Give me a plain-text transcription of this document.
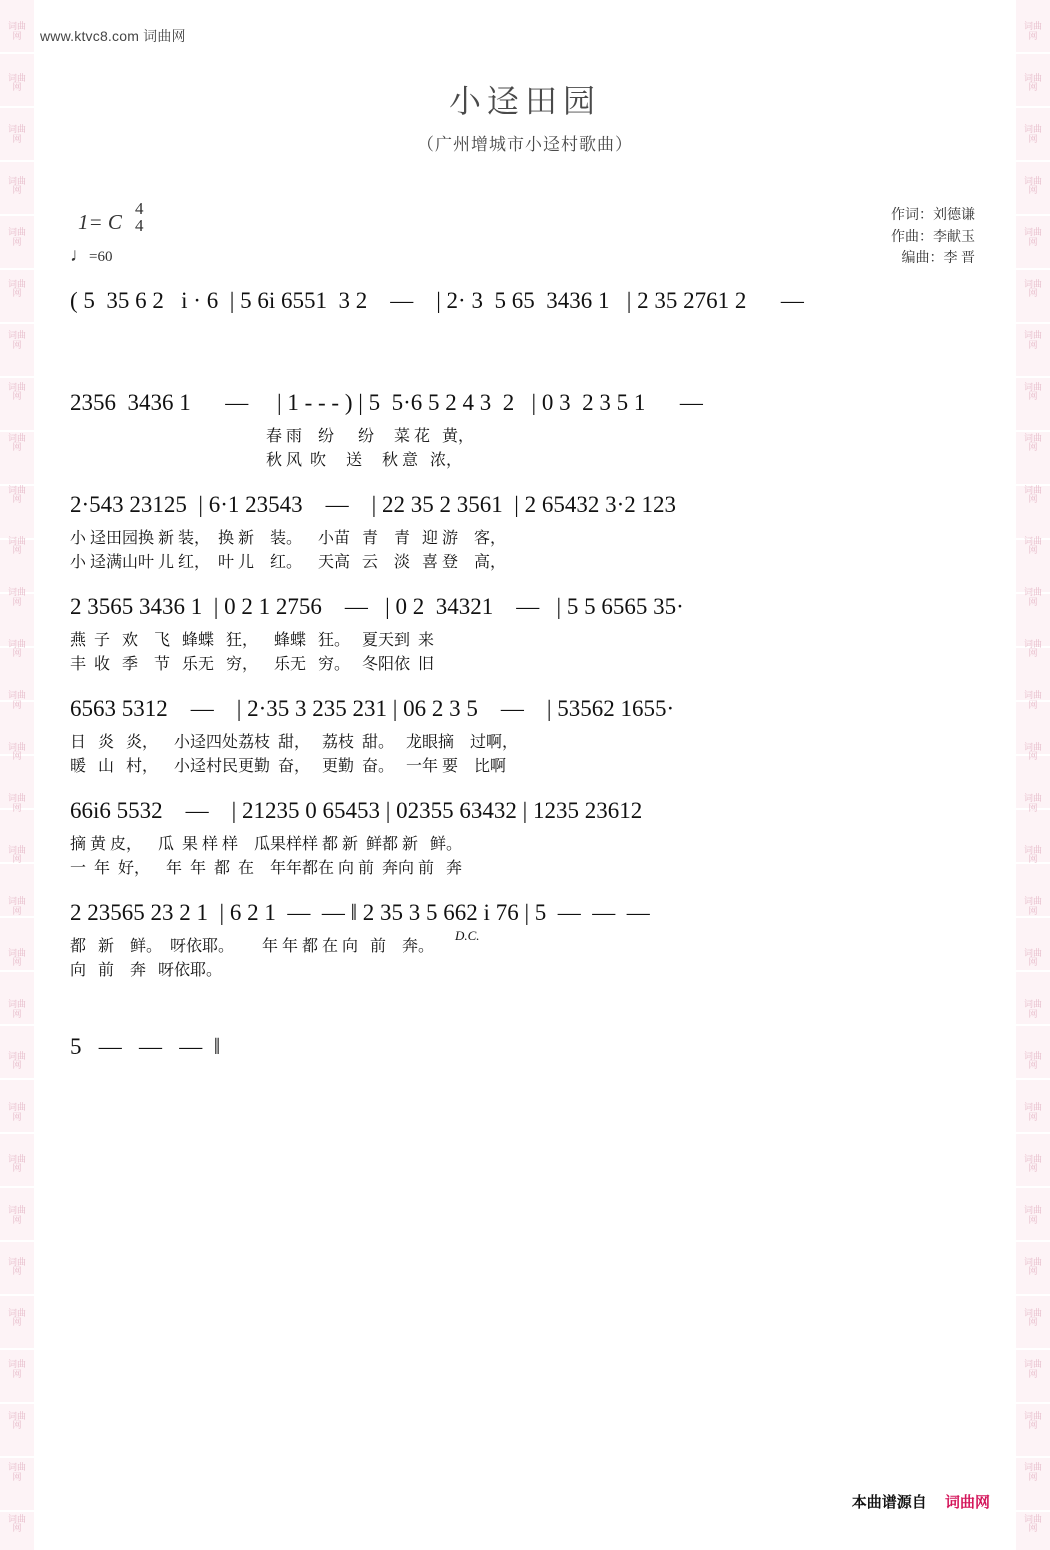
词曲网
词曲网
词曲网
词曲网
词曲网
词曲网
词曲网
词曲网
词曲网
词曲网
词曲网
词曲网
词曲网
词曲网
词曲网
词曲网
词曲网
词曲网
词曲网
词曲网
词曲网
词曲网
词曲网
词曲网
词曲网
词曲网
词曲网
词曲网
词曲网
词曲网
词曲网
词曲网
词曲网
词曲网
词曲网
词曲网
词曲网
词曲网
词曲网
词曲网
词曲网
词曲网
词曲网
词曲网
词曲网
词曲网
词曲网
词曲网
词曲网
词曲网
词曲网
词曲网
词曲网
词曲网
词曲网
词曲网
词曲网
词曲网
词曲网
词曲网
www.ktvc8.com 词曲网
小迳田园
（广州增城市小迳村歌曲）
1= C
4
4
♩=60
作词：刘德谦
作曲：李献玉
编曲：李 晋
( 5  35 6 2   i · 6  | 5 6i 6551  3 2    —    | 2· 3  5 65  3436 1   | 2 35 2761 2      —
2356  3436 1      —     | 1 - - - ) | 5  5·6 5 2 4 3  2   | 0 3  2 3 5 1      —
春 雨    纷      纷     菜 花   黄，
秋 风  吹     送     秋 意   浓，
2·543 23125  | 6·1 23543    —    | 22 35 2 3561  | 2 65432 3·2 123
小 迳田园换 新 装，  换 新    装。    小苗   青    青   迎 游    客，
小 迳满山叶 儿 红，  叶 儿    红。    天高   云    淡   喜 登    高，
2 3565 3436 1  | 0 2 1 2756    —   | 0 2  34321    —   | 5 5 6565 35·
燕  子   欢    飞   蜂蝶   狂，    蜂蝶   狂。   夏天到  来
丰  收   季    节   乐无   穷，    乐无   穷。   冬阳依  旧
6563 5312    —    | 2·35 3 235 231 | 06 2 3 5    —    | 53562 1655·
日   炎   炎，    小迳四处荔枝  甜，   荔枝  甜。   龙眼摘    过啊，
暖   山   村，    小迳村民更勤  奋，   更勤  奋。   一年 要    比啊
66i6 5532    —    | 21235 0 65453 | 02355 63432 | 1235 23612
摘 黄 皮，    瓜  果 样 样    瓜果样样 都 新  鲜都 新   鲜。
一  年  好，    年  年  都  在    年年都在 向 前  奔向 前   奔
2 23565 23 2 1  | 6 2 1  —  — ‖ 2 35 3 5 662 i 76 | 5  —  —  —
都   新    鲜。  呀依耶。       年 年 都 在 向   前    奔。
向   前    奔   呀依耶。
D.C.
5   —   —   —  ‖
本曲谱源自 词曲网
